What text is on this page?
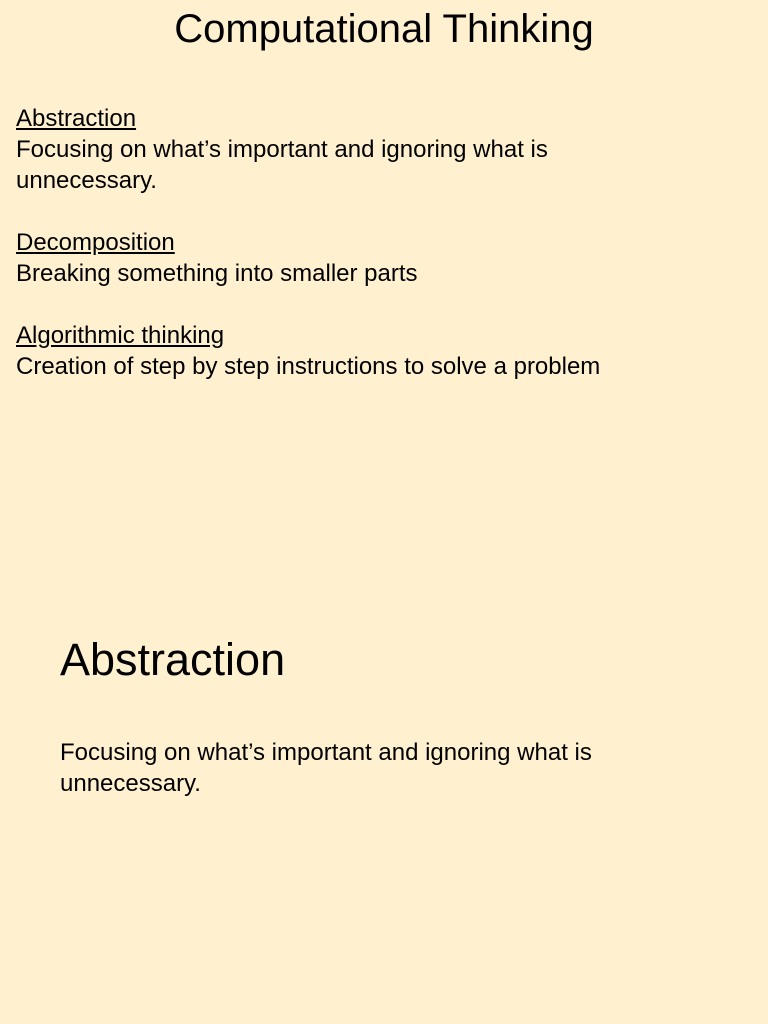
Computational Thinking
Abstraction
Focusing on what’s important and ignoring what is unnecessary.
Decomposition
Breaking something into smaller parts
Algorithmic thinking
Creation of step by step instructions to solve a problem
Abstraction

Focusing on what’s important and ignoring what is unnecessary.
